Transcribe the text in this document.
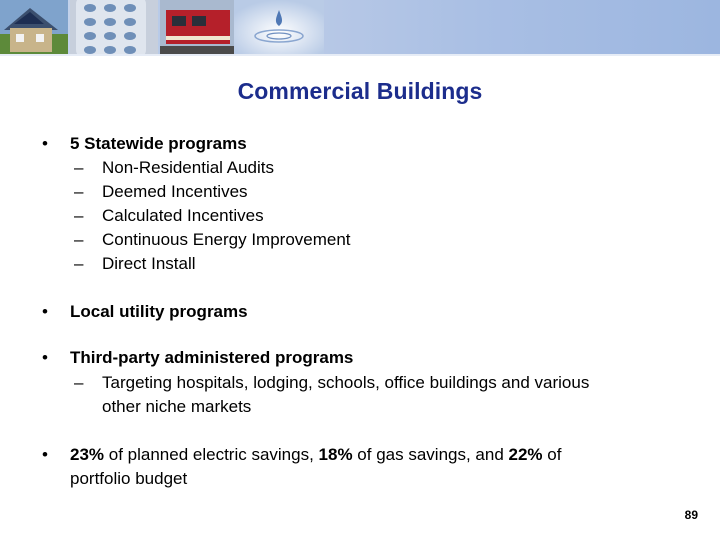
Commercial Buildings
•	5 Statewide programs
– Non-Residential Audits
– Deemed Incentives
– Calculated Incentives
– Continuous Energy Improvement
– Direct Install
•	Local utility programs
•	Third-party administered programs
– Targeting hospitals, lodging, schools, office buildings and various
other niche markets
•	23% of planned electric savings, 18% of gas savings, and 22% of
portfolio budget
89
